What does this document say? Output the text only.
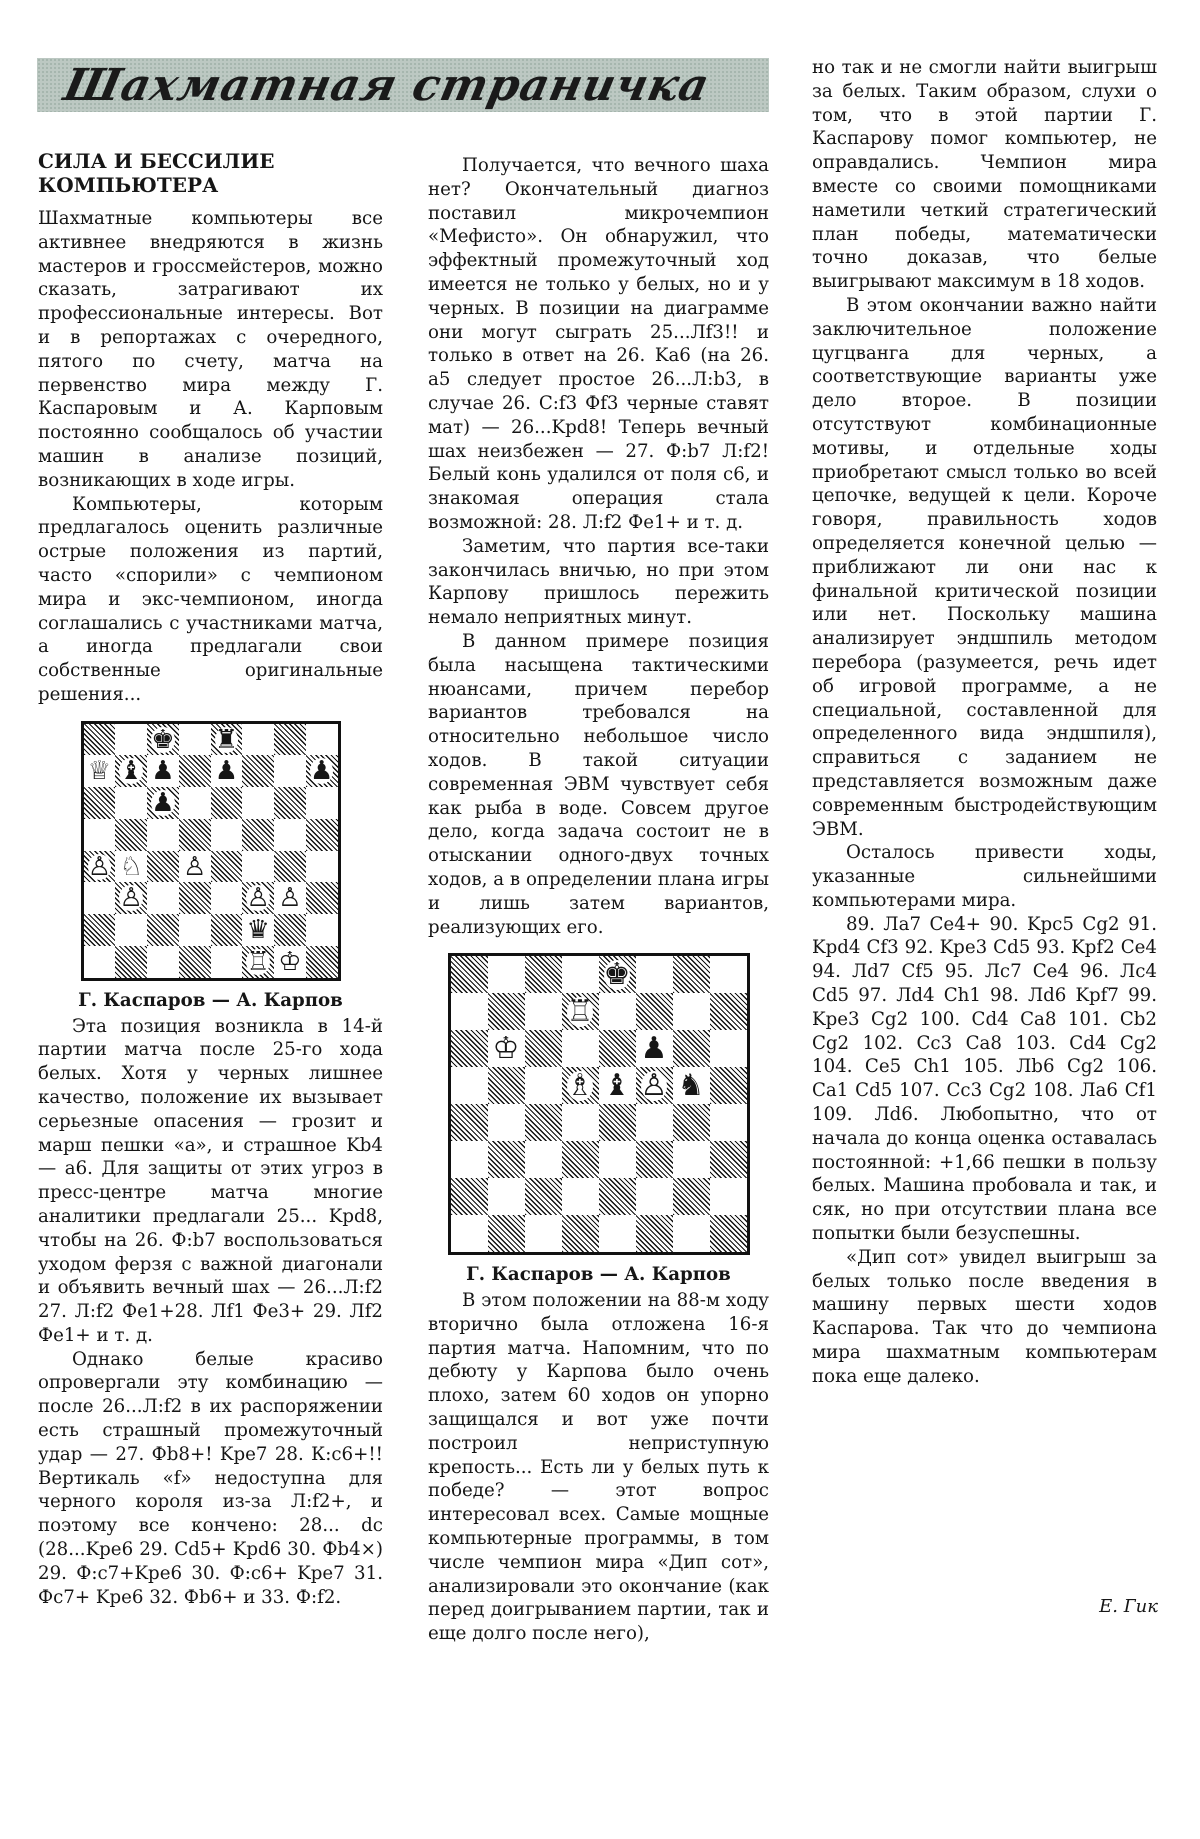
Шахматная страничка
СИЛА И БЕССИЛИЕ КОМПЬЮТЕРА

Шахматные компьютеры все активнее внедряются в жизнь мастеров и гроссмейстеров, можно сказать, затрагивают их профессиональные интересы. Вот и в репортажах с очередного, пятого по счету, матча на первенство мира между Г. Каспаровым и А. Карповым постоянно сообщалось об участии машин в анализе позиций, возникающих в ходе игры.

Компьютеры, которым предлагалось оценить различные острые положения из партий, часто «спорили» с чемпионом мира и экс-чемпионом, иногда соглашались с участниками матча, а иногда предлагали свои собственные оригинальные решения...

♚ ♜
♕ ♝ ♟ ♟	♟
♟
♙ ♘ ♙
♙	♙ ♙
♛
♖ ♔
Г. Каспаров — А. Карпов

Эта позиция возникла в 14-й партии матча после 25-го хода белых. Хотя у черных лишнее качество, положение их вызывает серьезные опасения — грозит и марш пешки «а», и страшное Kb4 — a6. Для защиты от этих угроз в пресс-центре матча многие аналитики предлагали 25... Kpd8, чтобы на 26. Ф:b7 воспользоваться уходом ферзя с важной диагонали и объявить вечный шах — 26...Л:f2 27. Л:f2 Фe1+28. Лf1 Фe3+ 29. Лf2 Фe1+ и т. д.

Однако белые красиво опровергали эту комбинацию — после 26...Л:f2 в их распоряжении есть страшный промежуточный удар — 27. Фb8+! Kpe7 28. К:c6+!! Вертикаль «f» недоступна для черного короля из-за Л:f2+, и поэтому все кончено: 28... dc (28...Kpe6 29. Cd5+ Kpd6 30. Фb4×) 29. Ф:c7+Kpe6 30. Ф:c6+ Kpe7 31. Фc7+ Kpe6 32. Фb6+ и 33. Ф:f2.

Получается, что вечного шаха нет? Окончательный диагноз поставил микрочемпион «Мефисто». Он обнаружил, что эффектный промежуточный ход имеется не только у белых, но и у черных. В позиции на диаграмме они могут сыграть 25...Лf3!! и только в ответ на 26. Ka6 (на 26. a5 следует простое 26...Л:b3, в случае 26. C:f3 Фf3 черные ставят мат) — 26...Kpd8! Теперь вечный шах неизбежен — 27. Ф:b7 Л:f2! Белый конь удалился от поля c6, и знакомая операция стала возможной: 28. Л:f2 Фe1+ и т. д.

Заметим, что партия все-таки закончилась вничью, но при этом Карпову пришлось пережить немало неприятных минут.

В данном примере позиция была насыщена тактическими нюансами, причем перебор вариантов требовался на относительно небольшое число ходов. В такой ситуации современная ЭВМ чувствует себя как рыба в воде. Совсем другое дело, когда задача состоит не в отыскании одного-двух точных ходов, а в определении плана игры и лишь затем вариантов, реализующих его.

♚
♖
♔	♟
♗ ♝ ♙ ♞
Г. Каспаров — А. Карпов

В этом положении на 88-м ходу вторично была отложена 16-я партия матча. Напомним, что по дебюту у Карпова было очень плохо, затем 60 ходов он упорно защищался и вот уже почти построил неприступную крепость... Есть ли у белых путь к победе? — этот вопрос интересовал всех. Самые мощные компьютерные программы, в том числе чемпион мира «Дип сот», анализировали это окончание (как перед доигрыванием партии, так и еще долго после него),

но так и не смогли найти выигрыш за белых. Таким образом, слухи о том, что в этой партии Г. Каспарову помог компьютер, не оправдались. Чемпион мира вместе со своими помощниками наметили четкий стратегический план победы, математически точно доказав, что белые выигрывают максимум в 18 ходов.

В этом окончании важно найти заключительное положение цугцванга для черных, а соответствующие варианты уже дело второе. В позиции отсутствуют комбинационные мотивы, и отдельные ходы приобретают смысл только во всей цепочке, ведущей к цели. Короче говоря, правильность ходов определяется конечной целью — приближают ли они нас к финальной критической позиции или нет. Поскольку машина анализирует эндшпиль методом перебора (разумеется, речь идет об игровой программе, а не специальной, составленной для определенного вида эндшпиля), справиться с заданием не представляется возможным даже современным быстродействующим ЭВМ.

Осталось привести ходы, указанные сильнейшими компьютерами мира.

89. Лa7 Ce4+ 90. Kpc5 Cg2 91. Kpd4 Cf3 92. Kpe3 Cd5 93. Kpf2 Ce4 94. Лd7 Cf5 95. Лc7 Ce4 96. Лc4 Cd5 97. Лd4 Ch1 98. Лd6 Kpf7 99. Kpe3 Cg2 100. Cd4 Ca8 101. Cb2 Cg2 102. Cc3 Ca8 103. Cd4 Cg2 104. Ce5 Ch1 105. Лb6 Cg2 106. Ca1 Cd5 107. Cc3 Cg2 108. Лa6 Cf1 109. Лd6. Любопытно, что от начала до конца оценка оставалась постоянной: +1,66 пешки в пользу белых. Машина пробовала и так, и сяк, но при отсутствии плана все попытки были безуспешны.

«Дип сот» увидел выигрыш за белых только после введения в машину первых шести ходов Каспарова. Так что до чемпиона мира шахматным компьютерам пока еще далеко.

Е. Гик
